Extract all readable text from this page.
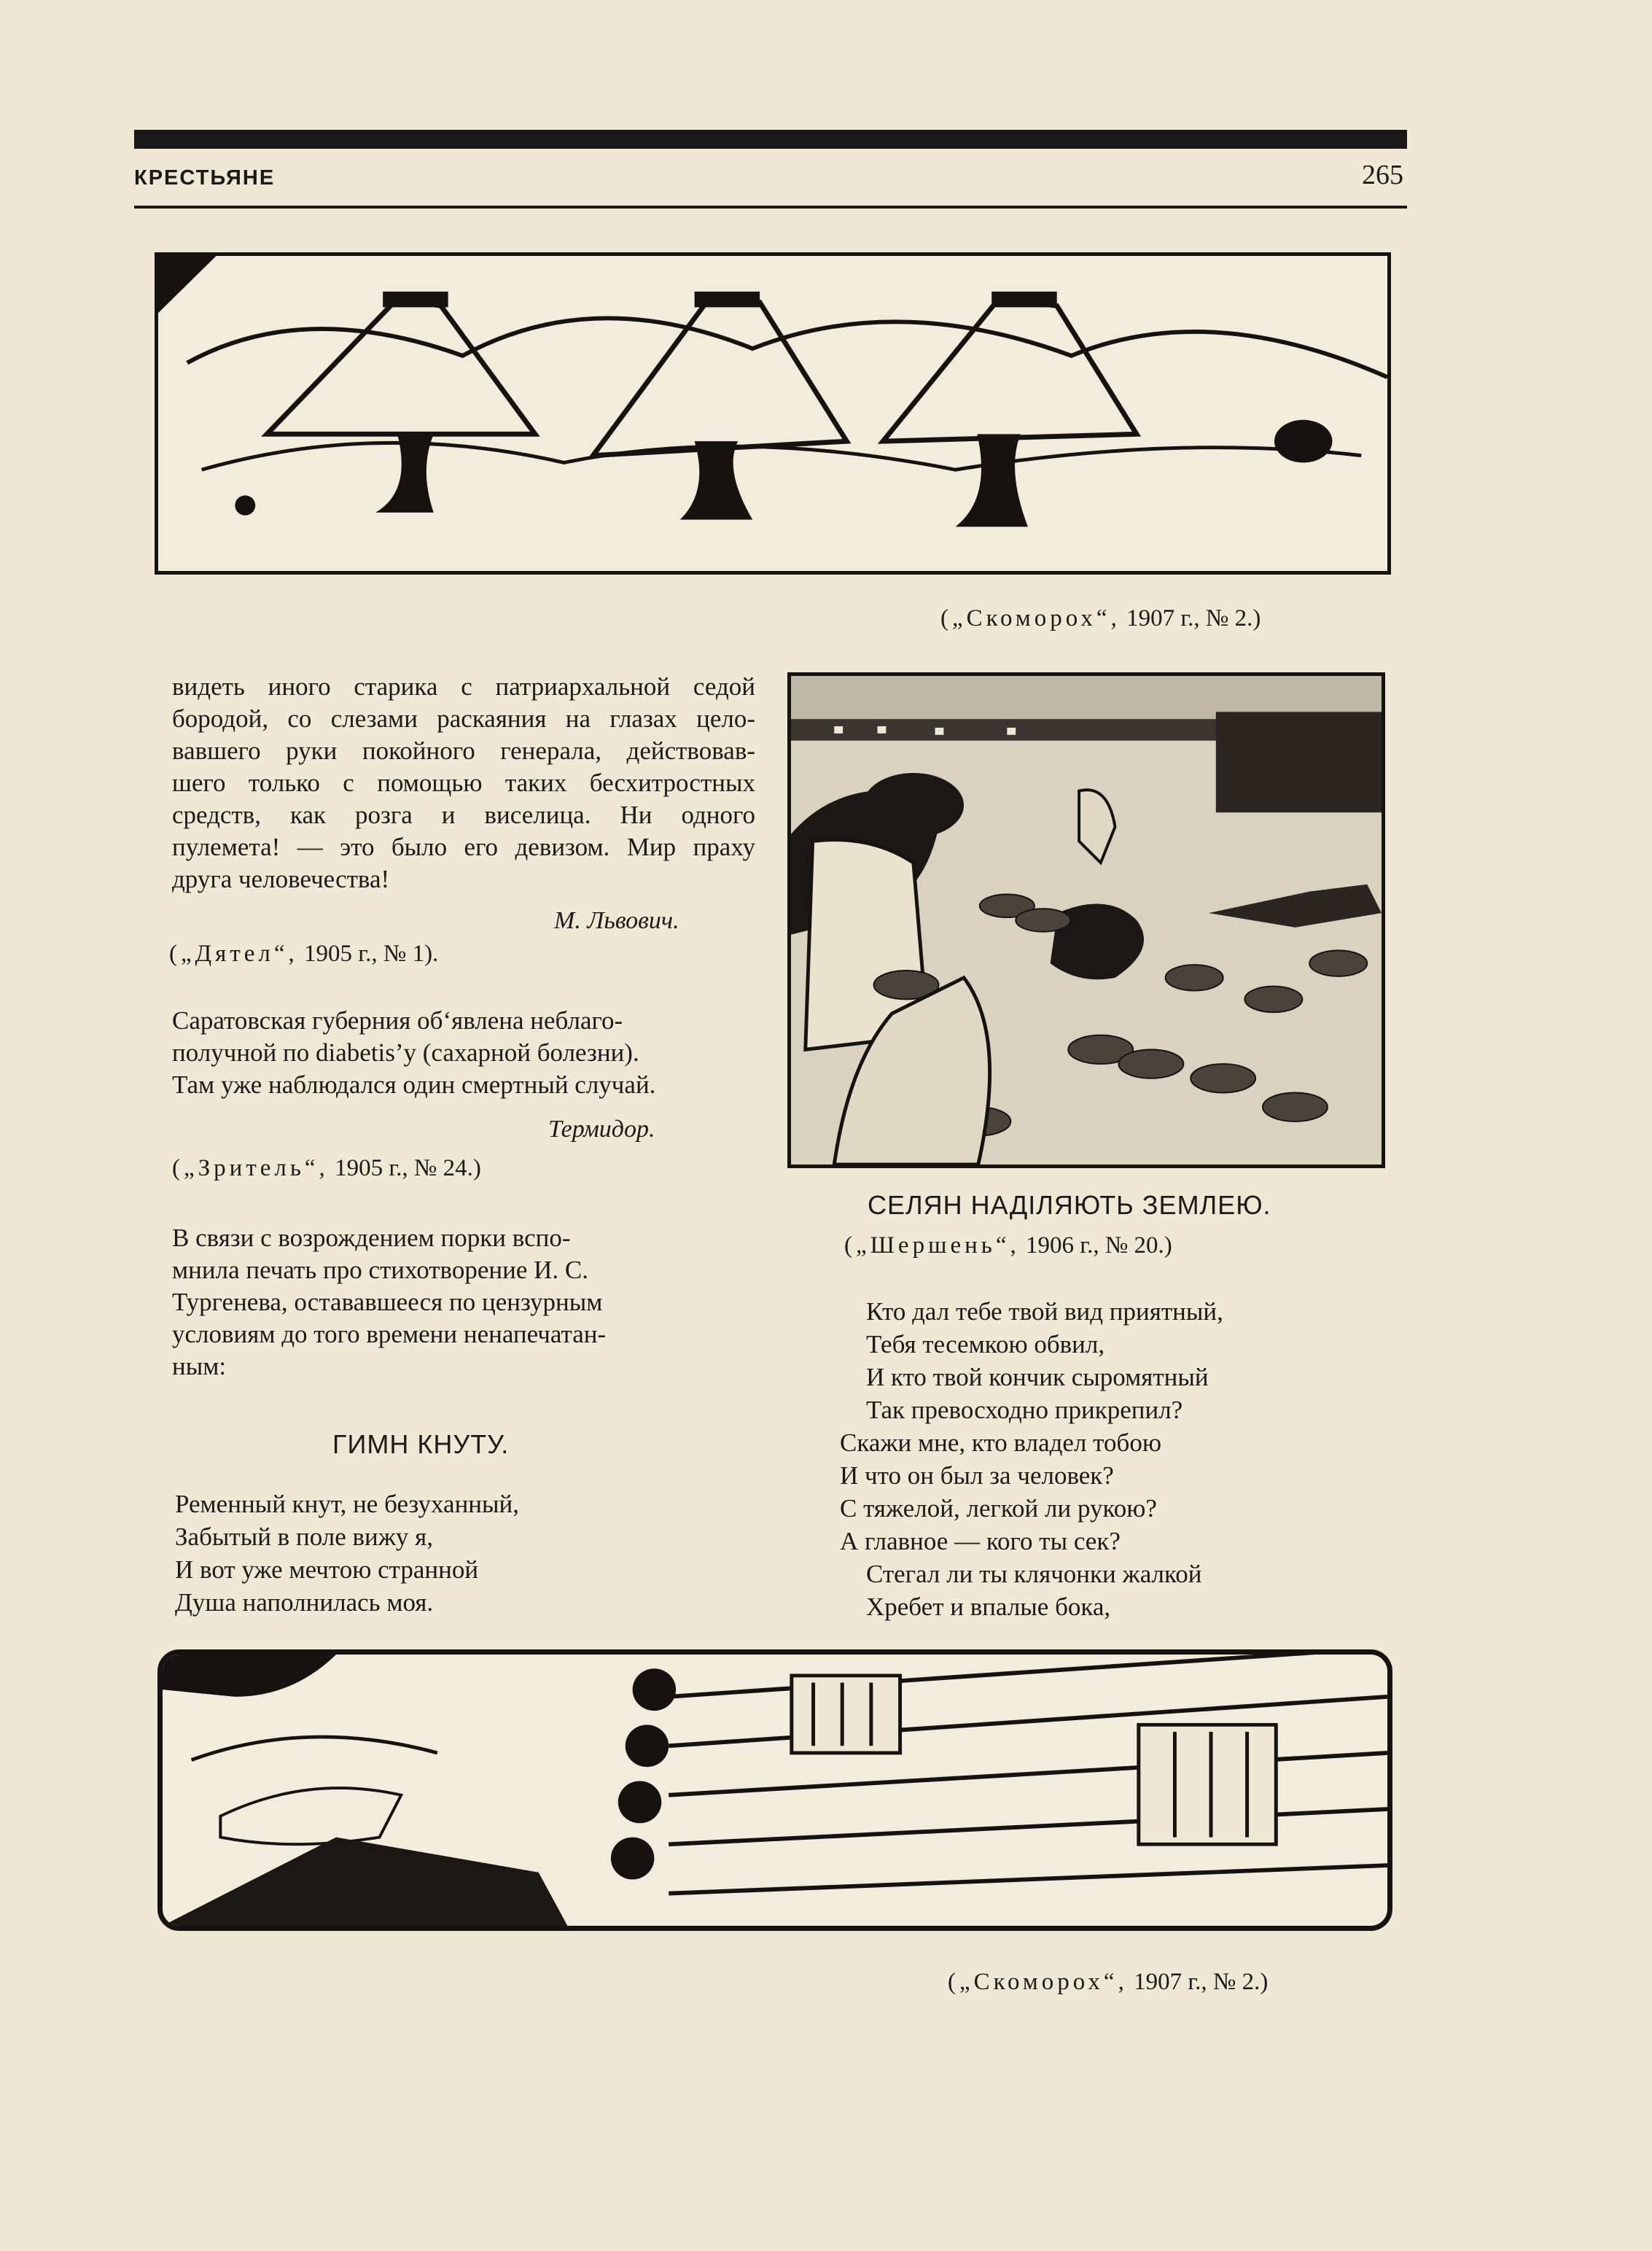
КРЕСТЬЯНЕ	265
(„Скоморох“, 1907 г., № 2.)
видеть иного старика с патриархальной седой
бородой, со слезами раскаяния на глазах цело-
вавшего руки покойного генерала, действовав-
шего только с помощью таких бесхитростных
средств, как розга и виселица. Ни одного
пулемета! — это было его девизом. Мир праху
друга человечества!
М. Львович.
(„Дятел“, 1905 г., № 1).
Саратовская губерния об‘явлена неблаго-
получной по diabetis’у (сахарной болезни).
Там уже наблюдался один смертный случай.
Термидор.
(„Зритель“, 1905 г., № 24.)
В связи с возрождением порки вспо-
мнила печать про стихотворение И. С.
Тургенева, остававшееся по цензурным
условиям до того времени ненапечатан-
ным:
ГИМН КНУТУ.
Ременный кнут, не безуханный,
Забытый в поле вижу я,
И вот уже мечтою странной
Душа наполнилась моя.
СЕЛЯН НАДІЛЯЮТЬ ЗЕМЛЕЮ.
(„Шершень“, 1906 г., № 20.)
Кто дал тебе твой вид приятный,
Тебя тесемкою обвил,
И кто твой кончик сыромятный
Так превосходно прикрепил?
Скажи мне, кто владел тобою
И что он был за человек?
С тяжелой, легкой ли рукою?
А главное — кого ты сек?
Стегал ли ты клячонки жалкой
Хребет и впалые бока,
(„Скоморох“, 1907 г., № 2.)
